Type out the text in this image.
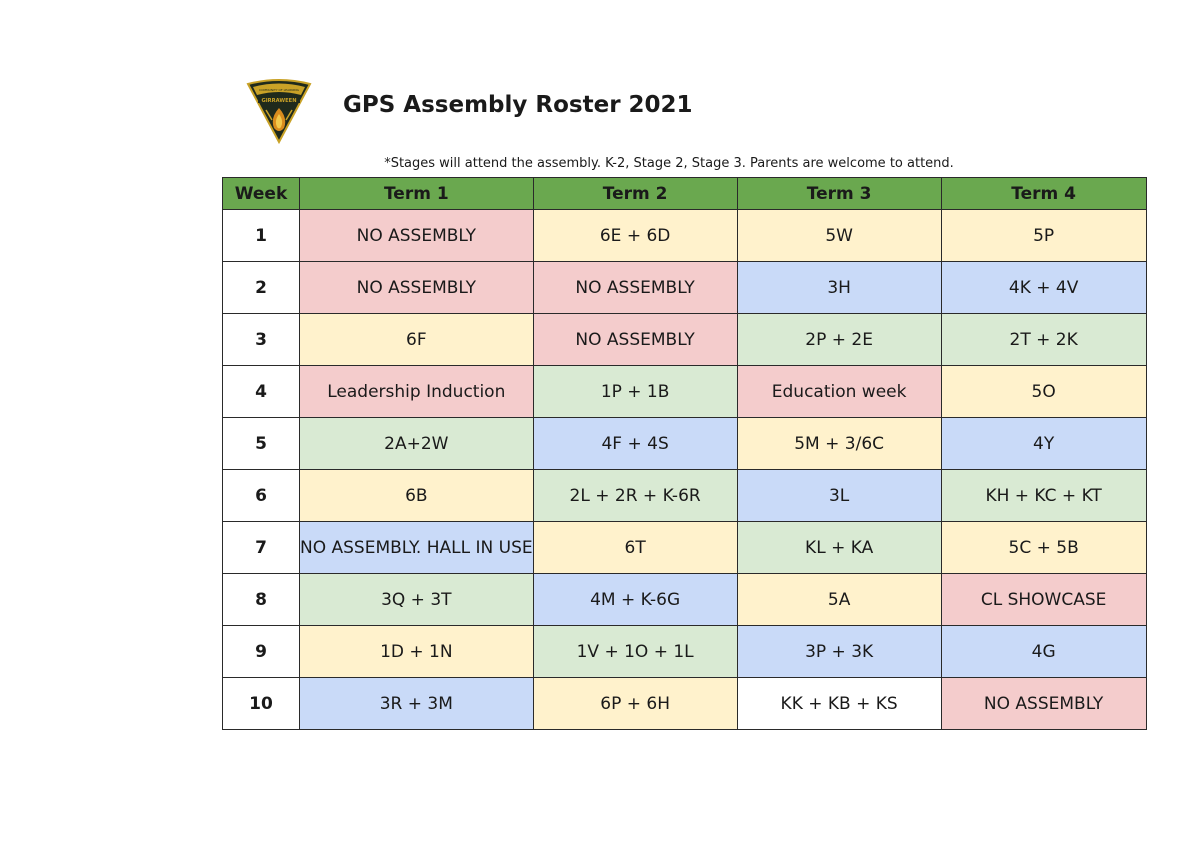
COMMUNITY OF LEARNING
GIRRAWEEN GPS Assembly Roster 2021
*Stages will attend the assembly. K-2, Stage 2, Stage 3. Parents are welcome to attend.
Week	Term 1	Term 2	Term 3	Term 4
1	NO ASSEMBLY	6E + 6D	5W	5P
2	NO ASSEMBLY	NO ASSEMBLY	3H	4K + 4V
3	6F	NO ASSEMBLY	2P + 2E	2T + 2K
4	Leadership Induction	1P + 1B	Education week	5O
5	2A+2W	4F + 4S	5M + 3/6C	4Y
6	6B	2L + 2R + K-6R	3L	KH + KC + KT
7	NO ASSEMBLY. HALL IN USE	6T	KL + KA	5C + 5B
8	3Q + 3T	4M + K-6G	5A	CL SHOWCASE
9	1D + 1N	1V + 1O + 1L	3P + 3K	4G
10	3R + 3M	6P + 6H	KK + KB + KS	NO ASSEMBLY
